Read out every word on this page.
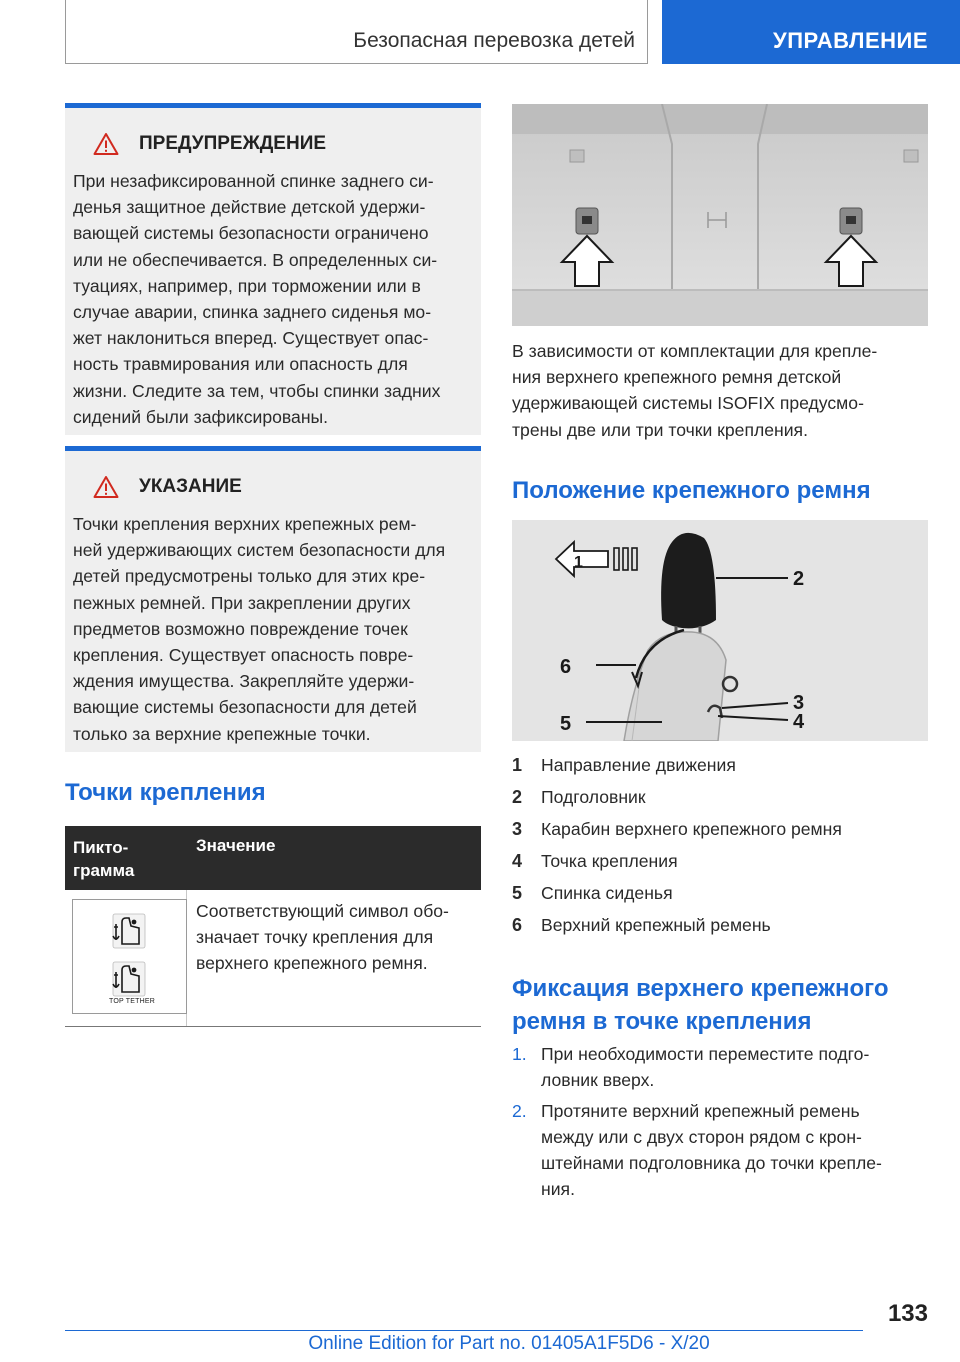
Безопасная перевозка детей	УПРАВЛЕНИЕ
ПРЕДУПРЕЖДЕНИЕ

При незафиксированной спинке заднего си-
денья защитное действие детской удержи-
вающей системы безопасности ограничено
или не обеспечивается. В определенных си-
туациях, например, при торможении или в
случае аварии, спинка заднего сиденья мо-
жет наклониться вперед. Существует опас-
ность травмирования или опасность для
жизни. Следите за тем, чтобы спинки задних
сидений были зафиксированы.

УКАЗАНИЕ

Точки крепления верхних крепежных рем-
ней удерживающих систем безопасности для
детей предусмотрены только для этих кре-
пежных ремней. При закреплении других
предметов возможно повреждение точек
крепления. Существует опасность повре-
ждения имущества. Закрепляйте удержи-
вающие системы безопасности для детей
только за верхние крепежные точки.

Точки крепления
Пикто-
грамма
Значение
TOP TETHER

Соответствующий символ обо-
значает точку крепления для
верхнего крепежного ремня.

В зависимости от комплектации для крепле-
ния верхнего крепежного ремня детской
удерживающей системы ISOFIX предусмо-
трены две или три точки крепления.

Положение крепежного ремня
1
2
3
4
5
6
1 Направление движения
2 Подголовник
3 Карабин верхнего крепежного ремня
4 Точка крепления
5 Спинка сиденья
6 Верхний крепежный ремень
Фиксация верхнего крепежного
ремня в точке крепления
1. При необходимости переместите подго-
ловник вверх.
2. Протяните верхний крепежный ремень
между или с двух сторон рядом с крон-
штейнами подголовника до точки крепле-
ния.
133
Online Edition for Part no. 01405A1F5D6 - X/20
